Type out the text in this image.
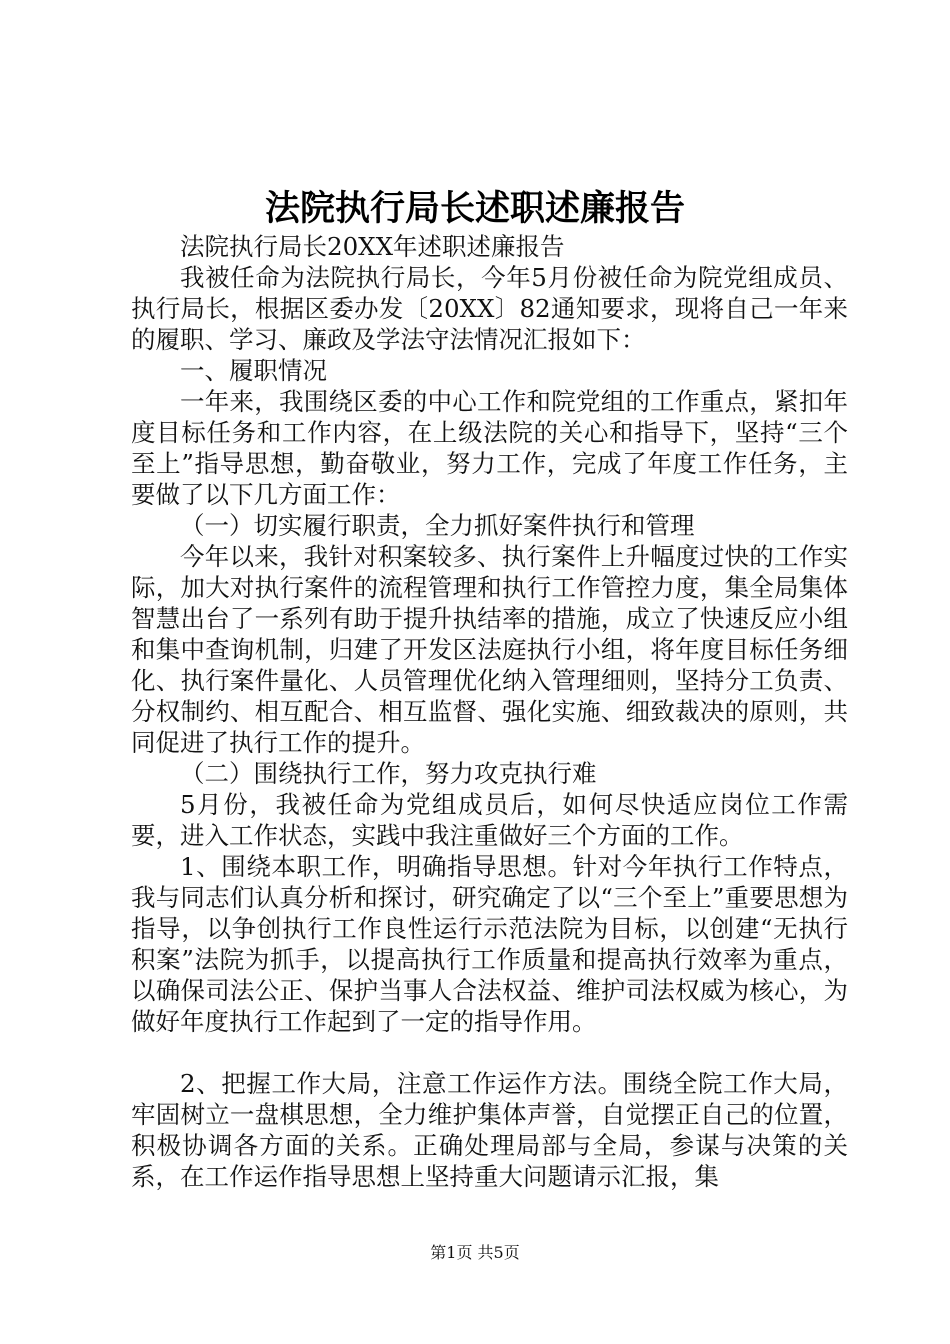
法院执行局长述职述廉报告

法院执行局长20XX年述职述廉报告

我被任命为法院执行局长，今年5月份被任命为院党组成员、执行局长，根据区委办发〔20XX〕82通知要求，现将自己一年来的履职、学习、廉政及学法守法情况汇报如下：

一、履职情况

一年来，我围绕区委的中心工作和院党组的工作重点，紧扣年度目标任务和工作内容，在上级法院的关心和指导下，坚持“三个至上”指导思想，勤奋敬业，努力工作，完成了年度工作任务，主要做了以下几方面工作：

（一）切实履行职责，全力抓好案件执行和管理

今年以来，我针对积案较多、执行案件上升幅度过快的工作实际，加大对执行案件的流程管理和执行工作管控力度，集全局集体智慧出台了一系列有助于提升执结率的措施，成立了快速反应小组和集中查询机制，归建了开发区法庭执行小组，将年度目标任务细化、执行案件量化、人员管理优化纳入管理细则，坚持分工负责、分权制约、相互配合、相互监督、强化实施、细致裁决的原则，共同促进了执行工作的提升。

（二）围绕执行工作，努力攻克执行难

5月份，我被任命为党组成员后，如何尽快适应岗位工作需要，进入工作状态，实践中我注重做好三个方面的工作。

1、围绕本职工作，明确指导思想。针对今年执行工作特点，我与同志们认真分析和探讨，研究确定了以“三个至上”重要思想为指导，以争创执行工作良性运行示范法院为目标，以创建“无执行积案”法院为抓手，以提高执行工作质量和提高执行效率为重点，以确保司法公正、保护当事人合法权益、维护司法权威为核心，为做好年度执行工作起到了一定的指导作用。

2、把握工作大局，注意工作运作方法。围绕全院工作大局，牢固树立一盘棋思想，全力维护集体声誉，自觉摆正自己的位置，积极协调各方面的关系。正确处理局部与全局，参谋与决策的关系，在工作运作指导思想上坚持重大问题请示汇报，集

第1页 共5页
